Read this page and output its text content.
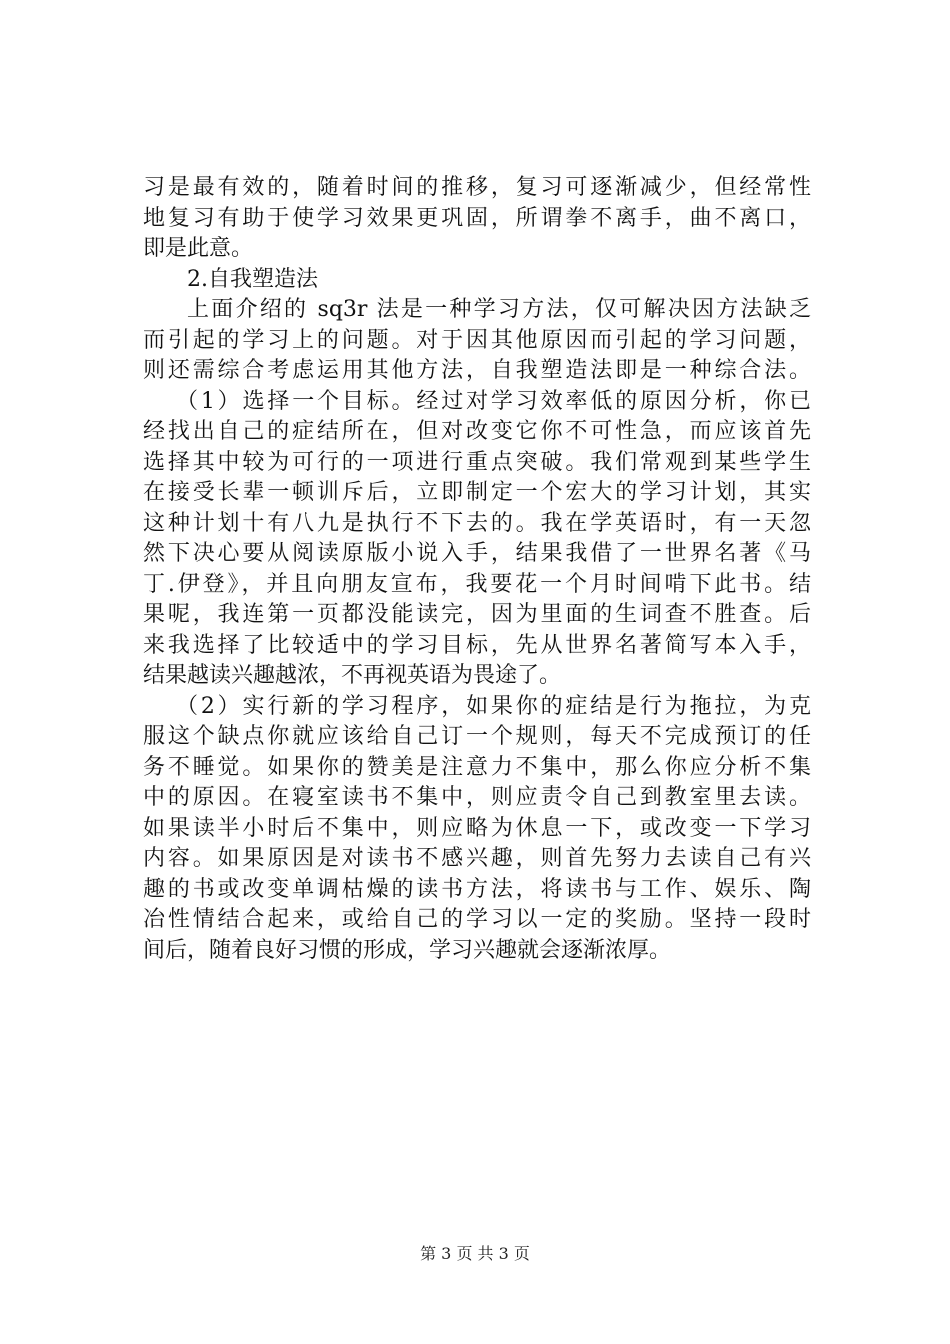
习是最有效的，随着时间的推移，复习可逐渐减少，但经常性
地复习有助于使学习效果更巩固，所谓拳不离手，曲不离口，
即是此意。
2.自我塑造法
上面介绍的 sq3r 法是一种学习方法，仅可解决因方法缺乏
而引起的学习上的问题。对于因其他原因而引起的学习问题，
则还需综合考虑运用其他方法，自我塑造法即是一种综合法。
（1）选择一个目标。经过对学习效率低的原因分析，你已
经找出自己的症结所在，但对改变它你不可性急，而应该首先
选择其中较为可行的一项进行重点突破。我们常观到某些学生
在接受长辈一顿训斥后，立即制定一个宏大的学习计划，其实
这种计划十有八九是执行不下去的。我在学英语时，有一天忽
然下决心要从阅读原版小说入手，结果我借了一世界名著《马
丁.伊登》，并且向朋友宣布，我要花一个月时间啃下此书。结
果呢，我连第一页都没能读完，因为里面的生词查不胜查。后
来我选择了比较适中的学习目标，先从世界名著简写本入手，
结果越读兴趣越浓，不再视英语为畏途了。
（2）实行新的学习程序，如果你的症结是行为拖拉，为克
服这个缺点你就应该给自己订一个规则，每天不完成预订的任
务不睡觉。如果你的赞美是注意力不集中，那么你应分析不集
中的原因。在寝室读书不集中，则应责令自己到教室里去读。
如果读半小时后不集中，则应略为休息一下，或改变一下学习
内容。如果原因是对读书不感兴趣，则首先努力去读自己有兴
趣的书或改变单调枯燥的读书方法，将读书与工作、娱乐、陶
冶性情结合起来，或给自己的学习以一定的奖励。坚持一段时
间后，随着良好习惯的形成，学习兴趣就会逐渐浓厚。
第 3 页 共 3 页
